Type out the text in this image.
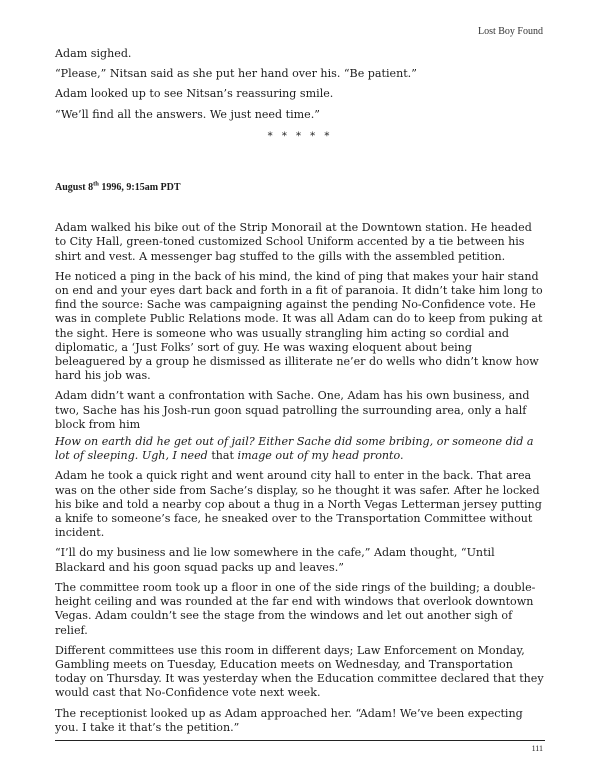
Lost Boy Found

Adam sighed.

“Please,” Nitsan said as she put her hand over his. “Be patient.”

Adam looked up to see Nitsan’s reassuring smile.

“We’ll find all the answers. We just need time.”

* * * * *
August 8th 1996, 9:15am PDT

Adam walked his bike out of the Strip Monorail at the Downtown station. He headed to City Hall, green-toned customized School Uniform accented by a tie between his shirt and vest. A messenger bag stuffed to the gills with the assembled petition.

He noticed a ping in the back of his mind, the kind of ping that makes your hair stand on end and your eyes dart back and forth in a fit of paranoia. It didn’t take him long to find the source: Sache was campaigning against the pending No-Confidence vote. He was in complete Public Relations mode. It was all Adam can do to keep from puking at the sight. Here is someone who was usually strangling him acting so cordial and diplomatic, a ‘Just Folks’ sort of guy. He was waxing eloquent about being beleaguered by a group he dismissed as illiterate ne’er do wells who didn’t know how hard his job was.

Adam didn’t want a confrontation with Sache. One, Adam has his own business, and two, Sache has his Josh-run goon squad patrolling the surrounding area, only a half block from him

How on earth did he get out of jail? Either Sache did some bribing, or someone did a lot of sleeping. Ugh, I need that image out of my head pronto.

Adam he took a quick right and went around city hall to enter in the back. That area was on the other side from Sache’s display, so he thought it was safer. After he locked his bike and told a nearby cop about a thug in a North Vegas Letterman jersey putting a knife to someone’s face, he sneaked over to the Transportation Committee without incident.

“I’ll do my business and lie low somewhere in the cafe,” Adam thought, “Until Blackard and his goon squad packs up and leaves.”

The committee room took up a floor in one of the side rings of the building; a double-height ceiling and was rounded at the far end with windows that overlook downtown Vegas. Adam couldn’t see the stage from the windows and let out another sigh of relief.

Different committees use this room in different days; Law Enforcement on Monday, Gambling meets on Tuesday, Education meets on Wednesday, and Transportation today on Thursday. It was yesterday when the Education committee declared that they would cast that No-Confidence vote next week.

The receptionist looked up as Adam approached her. “Adam! We’ve been expecting you. I take it that’s the petition.”

111
